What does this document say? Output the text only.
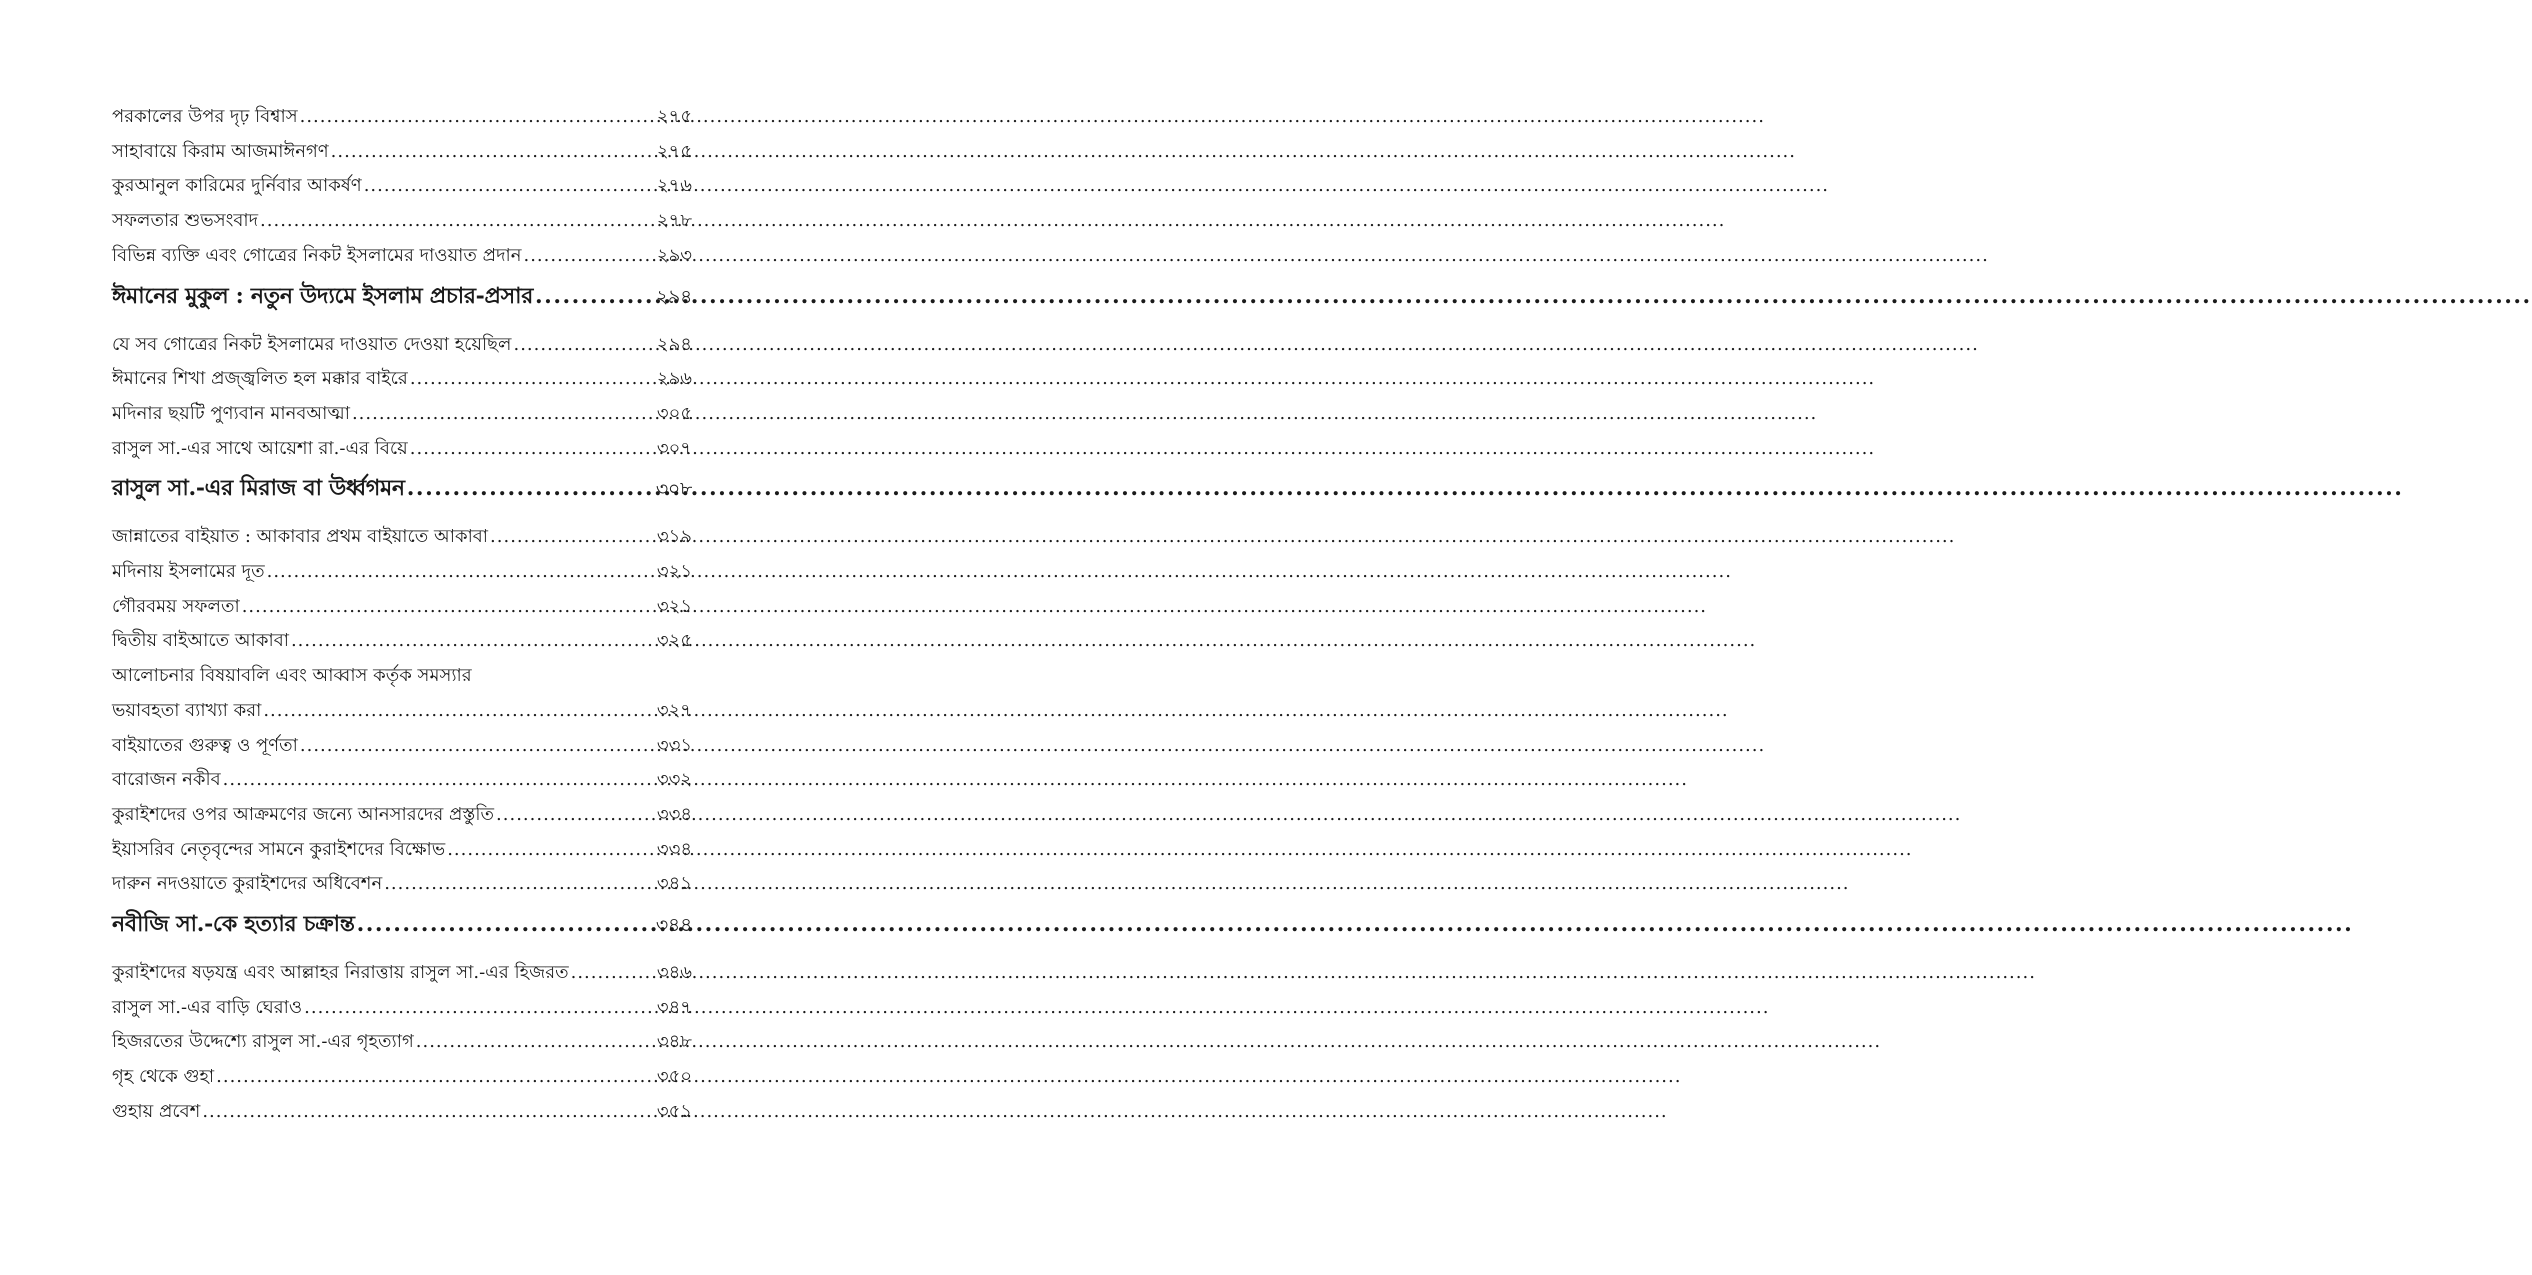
পরকালের উপর দৃঢ় বিশ্বাস .....	২৭৫
সাহাবায়ে কিরাম আজমাঈনগণ .....	২৭৫
কুরআনুল কারিমের দুর্নিবার আকর্ষণ .....	২৭৬
সফলতার শুভসংবাদ .....	২৭৮
বিভিন্ন ব্যক্তি এবং গোত্রের নিকট ইসলামের দাওয়াত প্রদান .....	২৯৩
ঈমানের মুকুল : নতুন উদ্যমে ইসলাম প্রচার-প্রসার .....	২৯৪
যে সব গোত্রের নিকট ইসলামের দাওয়াত দেওয়া হয়েছিল .....	২৯৪
ঈমানের শিখা প্রজ্জ্বলিত হল মক্কার বাইরে .....	২৯৬
মদিনার ছয়টি পুণ্যবান মানবআত্মা .....	৩০৫
রাসুল সা.-এর সাথে আয়েশা রা.-এর বিয়ে .....	৩০৭
রাসুল সা.-এর মিরাজ বা উর্ধ্বগমন .....	৩০৮
জান্নাতের বাইয়াত : আকাবার প্রথম বাইয়াতে আকাবা .....	৩১৯
মদিনায় ইসলামের দূত .....	৩২১
গৌরবময় সফলতা .....	৩২১
দ্বিতীয় বাইআতে আকাবা .....	৩২৫
আলোচনার বিষয়াবলি এবং আব্বাস কর্তৃক সমস্যার
ভয়াবহতা ব্যাখ্যা করা .....	৩২৭
বাইয়াতের গুরুত্ব ও পূর্ণতা .....	৩৩১
বারোজন নকীব .....	৩৩২
কুরাইশদের ওপর আক্রমণের জন্যে আনসারদের প্রস্তুতি .....	৩৩৪
ইয়াসরিব নেতৃবৃন্দের সামনে কুরাইশদের বিক্ষোভ .....	৩৩৪
দারুন নদওয়াতে কুরাইশদের অধিবেশন .....	৩৪১
নবীজি সা.-কে হত্যার চক্রান্ত .....	৩৪৪
কুরাইশদের ষড়যন্ত্র এবং আল্লাহর নিরাত্তায় রাসুল সা.-এর হিজরত .....	৩৪৬
রাসুল সা.-এর বাড়ি ঘেরাও .....	৩৪৭
হিজরতের উদ্দেশ্যে রাসুল সা.-এর গৃহত্যাগ .....	৩৪৮
গৃহ থেকে গুহা .....	৩৫০
গুহায় প্রবেশ .....	৩৫১
